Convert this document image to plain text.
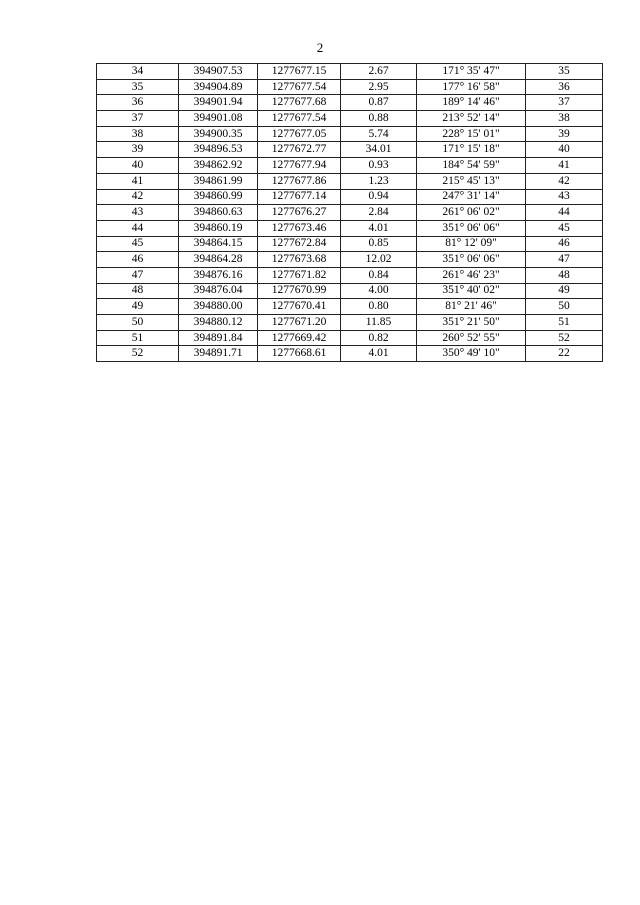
2
34	394907.53	1277677.15	2.67	171° 35' 47"	35
35	394904.89	1277677.54	2.95	177° 16' 58"	36
36	394901.94	1277677.68	0.87	189° 14' 46"	37
37	394901.08	1277677.54	0.88	213° 52' 14"	38
38	394900.35	1277677.05	5.74	228° 15' 01"	39
39	394896.53	1277672.77	34.01	171° 15' 18"	40
40	394862.92	1277677.94	0.93	184° 54' 59"	41
41	394861.99	1277677.86	1.23	215° 45' 13"	42
42	394860.99	1277677.14	0.94	247° 31' 14"	43
43	394860.63	1277676.27	2.84	261° 06' 02"	44
44	394860.19	1277673.46	4.01	351° 06' 06"	45
45	394864.15	1277672.84	0.85	81° 12' 09"	46
46	394864.28	1277673.68	12.02	351° 06' 06"	47
47	394876.16	1277671.82	0.84	261° 46' 23"	48
48	394876.04	1277670.99	4.00	351° 40' 02"	49
49	394880.00	1277670.41	0.80	81° 21' 46"	50
50	394880.12	1277671.20	11.85	351° 21' 50"	51
51	394891.84	1277669.42	0.82	260° 52' 55"	52
52	394891.71	1277668.61	4.01	350° 49' 10"	22
